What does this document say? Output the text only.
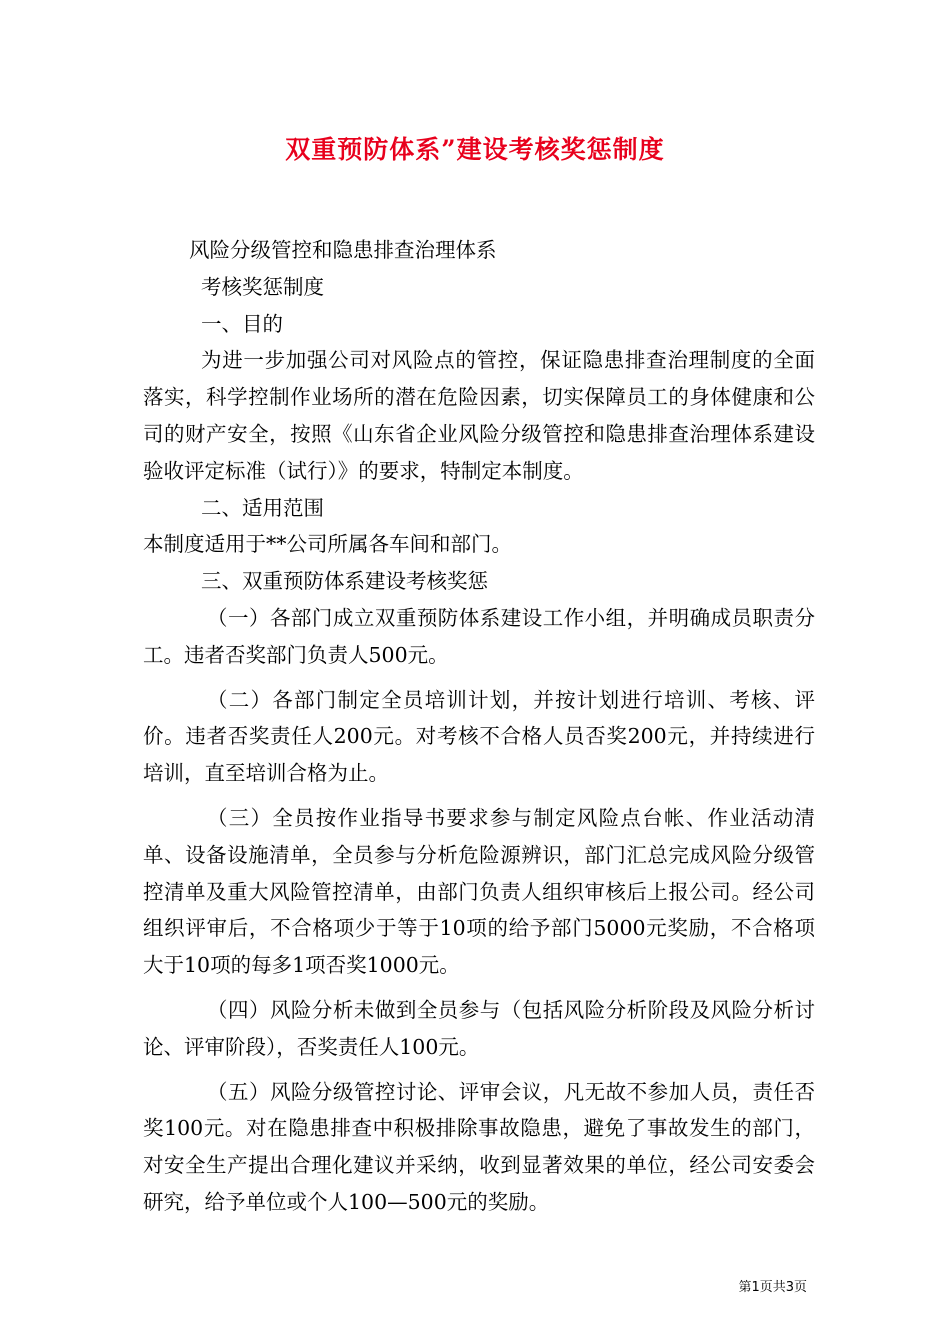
双重预防体系”建设考核奖惩制度

风险分级管控和隐患排查治理体系

考核奖惩制度

一、目的

为进一步加强公司对风险点的管控，保证隐患排查治理制度的全面落实，科学控制作业场所的潜在危险因素，切实保障员工的身体健康和公司的财产安全，按照《山东省企业风险分级管控和隐患排查治理体系建设验收评定标准（试行）》的要求，特制定本制度。

二、适用范围

本制度适用于**公司所属各车间和部门。

三、双重预防体系建设考核奖惩

（一）各部门成立双重预防体系建设工作小组，并明确成员职责分工。违者否奖部门负责人500元。

（二）各部门制定全员培训计划，并按计划进行培训、考核、评价。违者否奖责任人200元。对考核不合格人员否奖200元，并持续进行培训，直至培训合格为止。

（三）全员按作业指导书要求参与制定风险点台帐、作业活动清单、设备设施清单，全员参与分析危险源辨识，部门汇总完成风险分级管控清单及重大风险管控清单，由部门负责人组织审核后上报公司。经公司组织评审后，不合格项少于等于10项的给予部门5000元奖励，不合格项大于10项的每多1项否奖1000元。

（四）风险分析未做到全员参与（包括风险分析阶段及风险分析讨论、评审阶段），否奖责任人100元。

（五）风险分级管控讨论、评审会议，凡无故不参加人员，责任否奖100元。对在隐患排查中积极排除事故隐患，避免了事故发生的部门，对安全生产提出合理化建议并采纳，收到显著效果的单位，经公司安委会研究，给予单位或个人100—500元的奖励。

第1页共3页
